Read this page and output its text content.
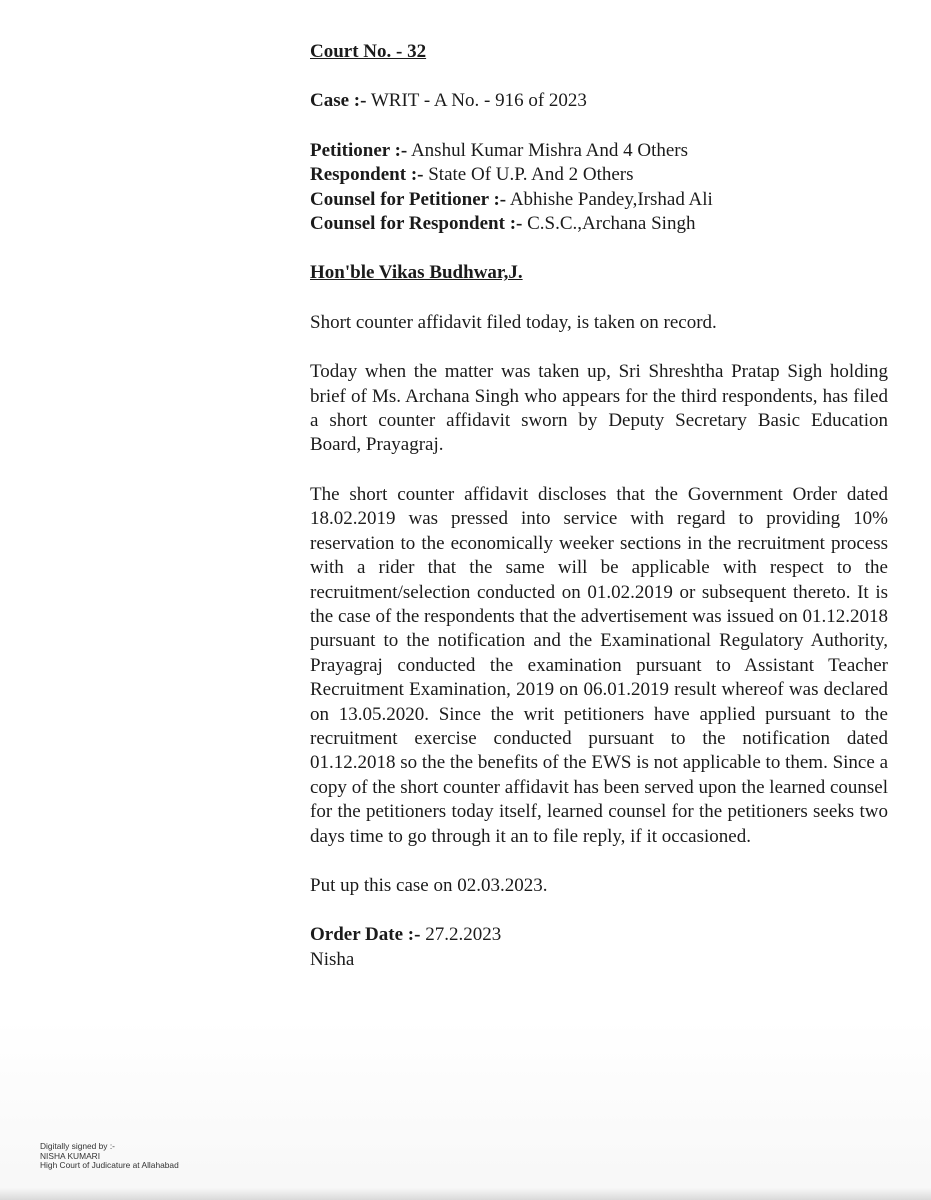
Court No. - 32
Case :- WRIT - A No. - 916 of 2023
Petitioner :- Anshul Kumar Mishra And 4 Others
Respondent :- State Of U.P. And 2 Others
Counsel for Petitioner :- Abhishe Pandey,Irshad Ali
Counsel for Respondent :- C.S.C.,Archana Singh
Hon'ble Vikas Budhwar,J.

Short counter affidavit filed today, is taken on record.

Today when the matter was taken up, Sri Shreshtha Pratap Sigh holding brief of Ms. Archana Singh who appears for the third respondents, has filed a short counter affidavit sworn by Deputy Secretary Basic Education Board, Prayagraj.

The short counter affidavit discloses that the Government Order dated 18.02.2019 was pressed into service with regard to providing 10% reservation to the economically weeker sections in the recruitment process with a rider that the same will be applicable with respect to the recruitment/selection conducted on 01.02.2019 or subsequent thereto. It is the case of the respondents that the advertisement was issued on 01.12.2018 pursuant to the notification and the Examinational Regulatory Authority, Prayagraj conducted the examination pursuant to Assistant Teacher Recruitment Examination, 2019 on 06.01.2019 result whereof was declared on 13.05.2020. Since the writ petitioners have applied pursuant to the recruitment exercise conducted pursuant to the notification dated 01.12.2018 so the the benefits of the EWS is not applicable to them. Since a copy of the short counter affidavit has been served upon the learned counsel for the petitioners today itself, learned counsel for the petitioners seeks two days time to go through it an to file reply, if it occasioned.

Put up this case on 02.03.2023.

Order Date :- 27.2.2023
Nisha
Digitally signed by :-
NISHA KUMARI
High Court of Judicature at Allahabad
